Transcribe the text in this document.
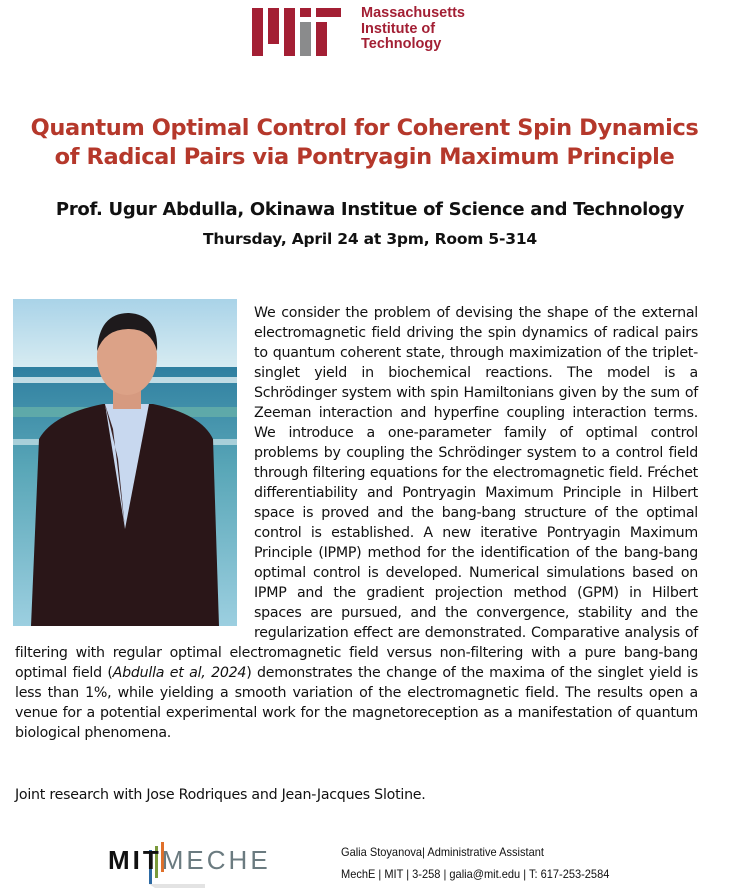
Massachusetts
Institute of
Technology
Quantum Optimal Control for Coherent Spin Dynamics
of Radical Pairs via Pontryagin Maximum Principle
Prof. Ugur Abdulla, Okinawa Institue of Science and Technology
Thursday, April 24 at 3pm, Room 5-314
We consider the problem of devising the shape of the external electromagnetic field driving the spin dynamics of radical pairs to quantum coherent state, through maximization of the triplet-singlet yield in biochemical reactions. The model is a Schrödinger system with spin Hamiltonians given by the sum of Zeeman interaction and hyperfine coupling interaction terms. We introduce a one-parameter family of optimal control problems by coupling the Schrödinger system to a control field through filtering equations for the electromagnetic field. Fréchet differentiability and Pontryagin Maximum Principle in Hilbert space is proved and the bang-bang structure of the optimal control is established. A new iterative Pontryagin Maximum Principle (IPMP) method for the identification of the bang-bang optimal control is developed. Numerical simulations based on IPMP and the gradient projection method (GPM) in Hilbert spaces are pursued, and the convergence, stability and the regularization effect are demonstrated. Comparative analysis of filtering with regular optimal electromagnetic field versus non-filtering with a pure bang-bang optimal field (Abdulla et al, 2024) demonstrates the change of the maxima of the singlet yield is less than 1%, while yielding a smooth variation of the electromagnetic field. The results open a venue for a potential experimental work for the magnetoreception as a manifestation of quantum biological phenomena.
Joint research with Jose Rodriques and Jean-Jacques Slotine.
MITMECHE	Galia Stoyanova| Administrative Assistant
MechE | MIT | 3-258 | galia@mit.edu | T: 617-253-2584
